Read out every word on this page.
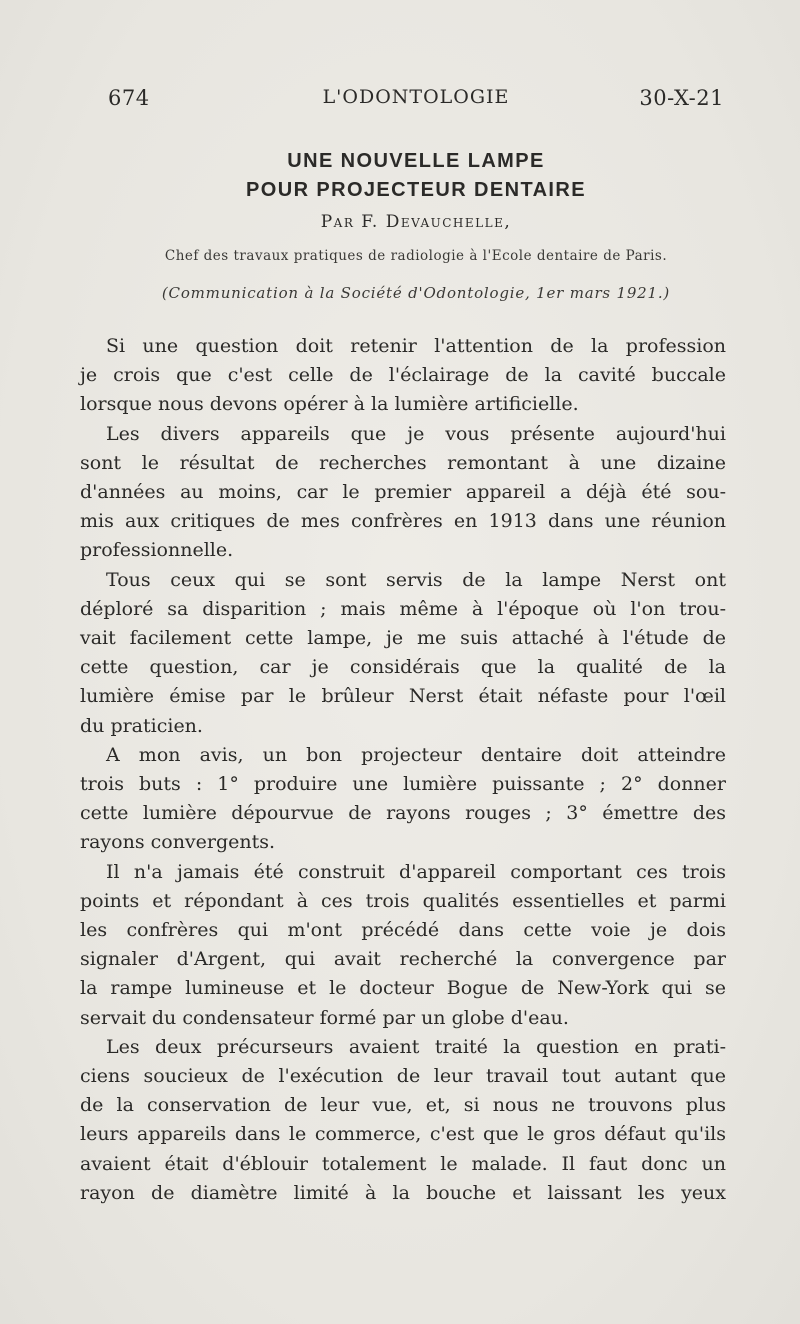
674	L'ODONTOLOGIE	30-X-21
UNE NOUVELLE LAMPE
POUR PROJECTEUR DENTAIRE
Par F. Devauchelle,
Chef des travaux pratiques de radiologie à l'Ecole dentaire de Paris.
(Communication à la Société d'Odontologie, 1er mars 1921.)

Si une question doit retenir l'attention de la profession
je crois que c'est celle de l'éclairage de la cavité buccale
lorsque nous devons opérer à la lumière artificielle.

Les divers appareils que je vous présente aujourd'hui
sont le résultat de recherches remontant à une dizaine
d'années au moins, car le premier appareil a déjà été sou-
mis aux critiques de mes confrères en 1913 dans une réunion
professionnelle.

Tous ceux qui se sont servis de la lampe Nerst ont
déploré sa disparition ; mais même à l'époque où l'on trou-
vait facilement cette lampe, je me suis attaché à l'étude de
cette question, car je considérais que la qualité de la
lumière émise par le brûleur Nerst était néfaste pour l'œil
du praticien.

A mon avis, un bon projecteur dentaire doit atteindre
trois buts : 1° produire une lumière puissante ; 2° donner
cette lumière dépourvue de rayons rouges ; 3° émettre des
rayons convergents.

Il n'a jamais été construit d'appareil comportant ces trois
points et répondant à ces trois qualités essentielles et parmi
les confrères qui m'ont précédé dans cette voie je dois
signaler d'Argent, qui avait recherché la convergence par
la rampe lumineuse et le docteur Bogue de New-York qui se
servait du condensateur formé par un globe d'eau.

Les deux précurseurs avaient traité la question en prati-
ciens soucieux de l'exécution de leur travail tout autant que
de la conservation de leur vue, et, si nous ne trouvons plus
leurs appareils dans le commerce, c'est que le gros défaut qu'ils
avaient était d'éblouir totalement le malade. Il faut donc un
rayon de diamètre limité à la bouche et laissant les yeux
